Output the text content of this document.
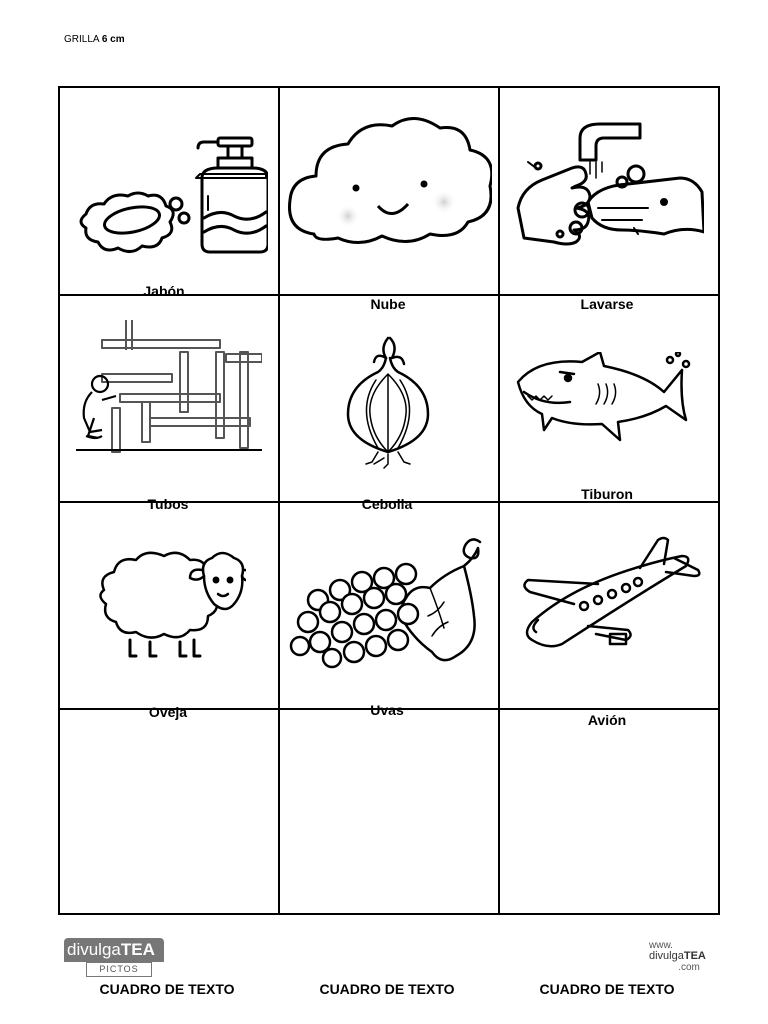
GRILLA 6 cm
Jabón
Nube	Lavarse
Tubos	Cebolla
Tiburon
Oveja	Uvas
Avión
divulgaTEA
PICTOS
www.
divulgaTEA
.com
CUADRO DE TEXTO	CUADRO DE TEXTO	CUADRO DE TEXTO
